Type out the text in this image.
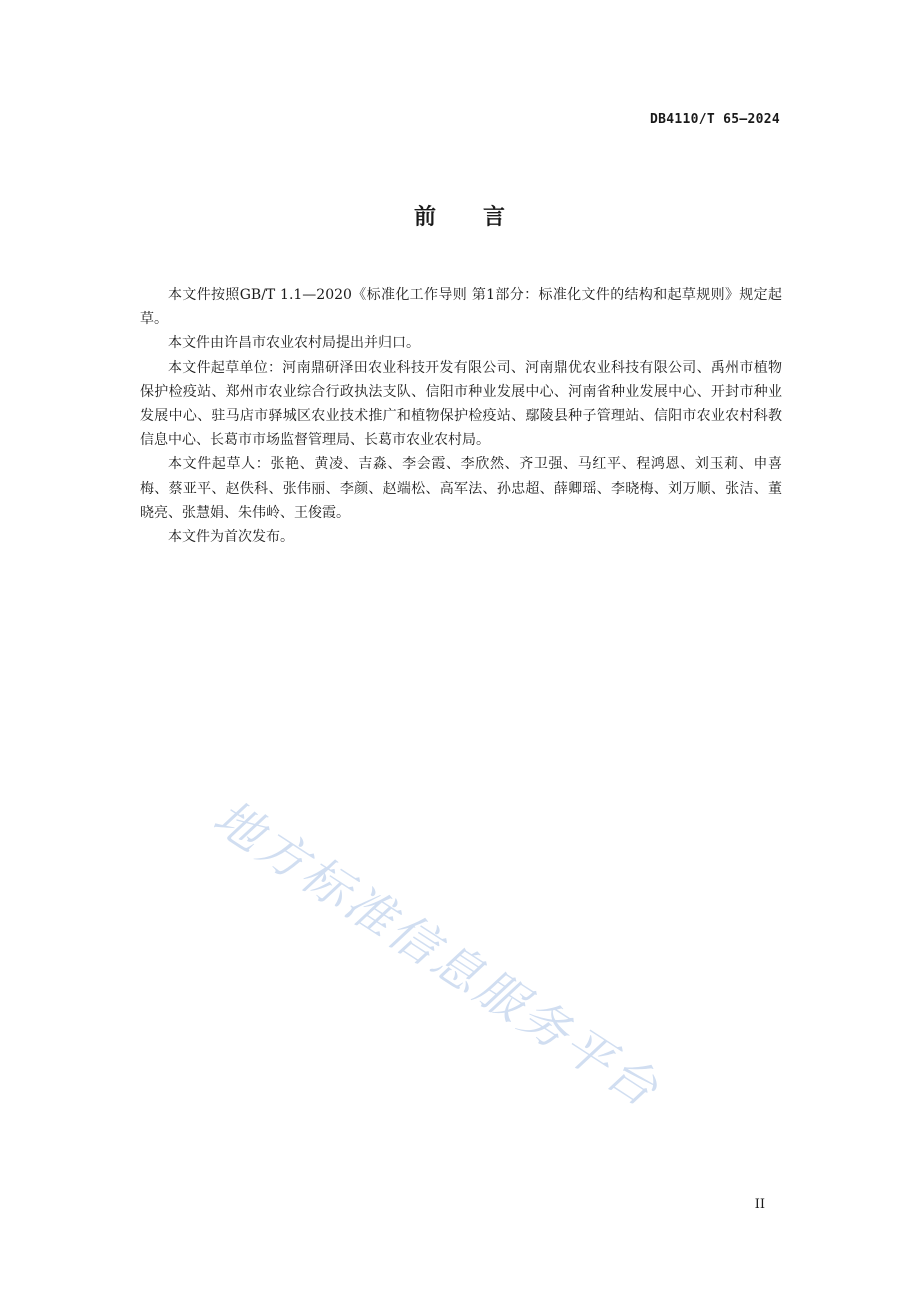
DB4110/T 65—2024
前 言

本文件按照GB/T 1.1—2020《标准化工作导则 第1部分：标准化文件的结构和起草规则》规定起草。

本文件由许昌市农业农村局提出并归口。

本文件起草单位：河南鼎研泽田农业科技开发有限公司、河南鼎优农业科技有限公司、禹州市植物保护检疫站、郑州市农业综合行政执法支队、信阳市种业发展中心、河南省种业发展中心、开封市种业发展中心、驻马店市驿城区农业技术推广和植物保护检疫站、鄢陵县种子管理站、信阳市农业农村科教信息中心、长葛市市场监督管理局、长葛市农业农村局。

本文件起草人：张艳、黄凌、吉淼、李会霞、李欣然、齐卫强、马红平、程鸿恩、刘玉莉、申喜梅、蔡亚平、赵佚科、张伟丽、李颜、赵端松、高军法、孙忠超、薛卿瑶、李晓梅、刘万顺、张洁、董晓亮、张慧娟、朱伟岭、王俊霞。

本文件为首次发布。

地方标准信息服务平台
II
